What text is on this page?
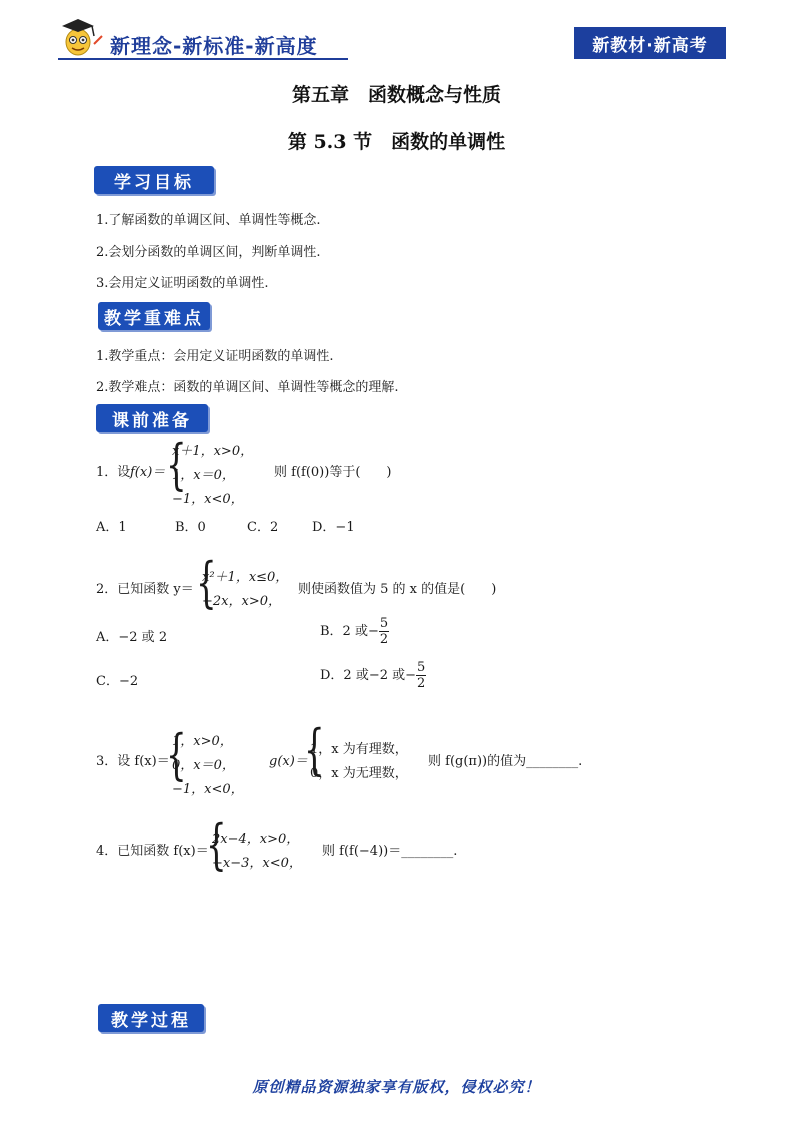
新理念-新标准-新高度	新教材·新高考
第五章　函数概念与性质
第 5.3 节　函数的单调性
学习目标
1.了解函数的单调区间、单调性等概念.
2.会划分函数的单调区间，判断单调性.
3.会用定义证明函数的单调性.
教学重难点
1.教学重点：会用定义证明函数的单调性.
2.教学难点：函数的单调区间、单调性等概念的理解.
课前准备
1．设 f(x)＝ {
x＋1，x>0，
1，x＝0，
−1，x<0，
则 f(f(0))等于(　　)
A．1	B．0	C．2	D．−1
2．已知函数 y＝ {
x²＋1，x≤0，
−2x，x>0，
则使函数值为 5 的 x 的值是(　　)
A．−2 或 2	B．2 或− $\frac{5}{2}$
C．−2	D．2 或−2 或− $\frac{5}{2}$
3．设 f(x)＝
{
1，x>0，
0，x＝0，
−1，x<0，
g(x)＝
{
1，x 为有理数，
0，x 为无理数，
则 f(g(π))的值为________.
4．已知函数 f(x)＝
{
2x−4，x>0，
−x−3，x<0，
则 f(f(−4))＝________.
教学过程
原创精品资源独家享有版权，侵权必究！
